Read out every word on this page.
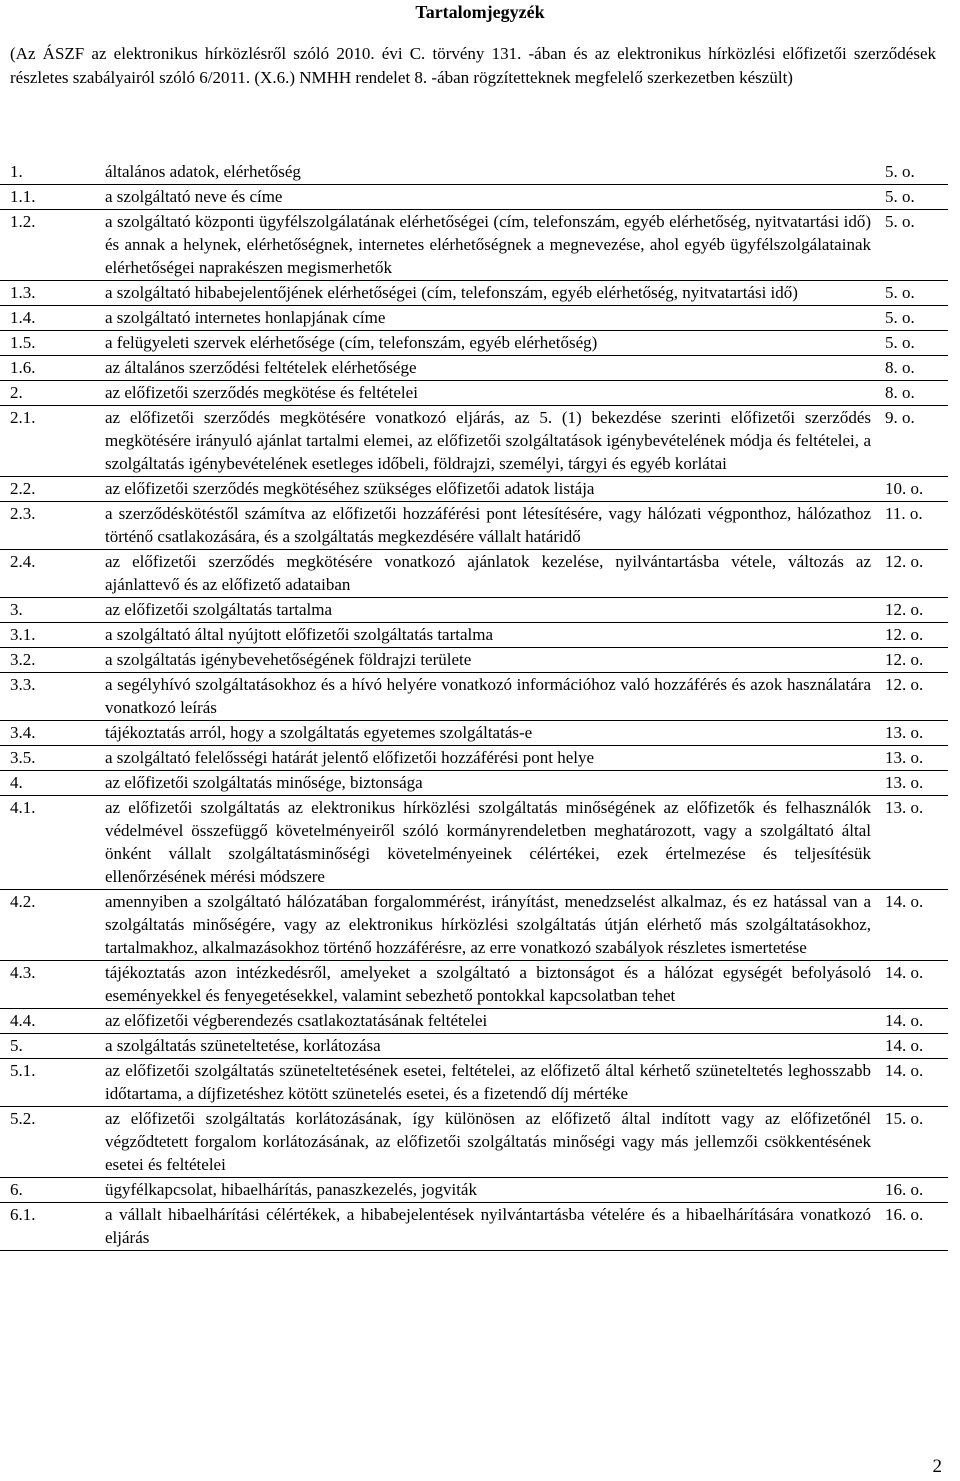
Tartalomjegyzék
(Az ÁSZF az elektronikus hírközlésről szóló 2010. évi C. törvény 131. -ában és az elektronikus hírközlési előfizetői szerződések részletes szabályairól szóló 6/2011. (X.6.) NMHH rendelet 8. -ában rögzítetteknek megfelelő szerkezetben készült)
1.	általános adatok, elérhetőség	5. o.
1.1.	a szolgáltató neve és címe	5. o.
1.2.	a szolgáltató központi ügyfélszolgálatának elérhetőségei (cím, telefonszám, egyéb elérhetőség, nyitvatartási idő) és annak a helynek, elérhetőségnek, internetes elérhetőségnek a megnevezése, ahol egyéb ügyfélszolgálatainak elérhetőségei naprakészen megismerhetők	5. o.
1.3.	a szolgáltató hibabejelentőjének elérhetőségei (cím, telefonszám, egyéb elérhetőség, nyitvatartási idő)	5. o.
1.4.	a szolgáltató internetes honlapjának címe	5. o.
1.5.	a felügyeleti szervek elérhetősége (cím, telefonszám, egyéb elérhetőség)	5. o.
1.6.	az általános szerződési feltételek elérhetősége	8. o.
2.	az előfizetői szerződés megkötése és feltételei	8. o.
2.1.	az előfizetői szerződés megkötésére vonatkozó eljárás, az 5. (1) bekezdése szerinti előfizetői szerződés megkötésére irányuló ajánlat tartalmi elemei, az előfizetői szolgáltatások igénybevételének módja és feltételei, a szolgáltatás igénybevételének esetleges időbeli, földrajzi, személyi, tárgyi és egyéb korlátai	9. o.
2.2.	az előfizetői szerződés megkötéséhez szükséges előfizetői adatok listája	10. o.
2.3.	a szerződéskötéstől számítva az előfizetői hozzáférési pont létesítésére, vagy hálózati végponthoz, hálózathoz történő csatlakozására, és a szolgáltatás megkezdésére vállalt határidő	11. o.
2.4.	az előfizetői szerződés megkötésére vonatkozó ajánlatok kezelése, nyilvántartásba vétele, változás az ajánlattevő és az előfizető adataiban	12. o.
3.	az előfizetői szolgáltatás tartalma	12. o.
3.1.	a szolgáltató által nyújtott előfizetői szolgáltatás tartalma	12. o.
3.2.	a szolgáltatás igénybevehetőségének földrajzi területe	12. o.
3.3.	a segélyhívó szolgáltatásokhoz és a hívó helyére vonatkozó információhoz való hozzáférés és azok használatára vonatkozó leírás	12. o.
3.4.	tájékoztatás arról, hogy a szolgáltatás egyetemes szolgáltatás-e	13. o.
3.5.	a szolgáltató felelősségi határát jelentő előfizetői hozzáférési pont helye	13. o.
4.	az előfizetői szolgáltatás minősége, biztonsága	13. o.
4.1.	az előfizetői szolgáltatás az elektronikus hírközlési szolgáltatás minőségének az előfizetők és felhasználók védelmével összefüggő követelményeiről szóló kormányrendeletben meghatározott, vagy a szolgáltató által önként vállalt szolgáltatásminőségi követelményeinek célértékei, ezek értelmezése és teljesítésük ellenőrzésének mérési módszere	13. o.
4.2.	amennyiben a szolgáltató hálózatában forgalommérést, irányítást, menedzselést alkalmaz, és ez hatással van a szolgáltatás minőségére, vagy az elektronikus hírközlési szolgáltatás útján elérhető más szolgáltatásokhoz, tartalmakhoz, alkalmazásokhoz történő hozzáférésre, az erre vonatkozó szabályok részletes ismertetése	14. o.
4.3.	tájékoztatás azon intézkedésről, amelyeket a szolgáltató a biztonságot és a hálózat egységét befolyásoló eseményekkel és fenyegetésekkel, valamint sebezhető pontokkal kapcsolatban tehet	14. o.
4.4.	az előfizetői végberendezés csatlakoztatásának feltételei	14. o.
5.	a szolgáltatás szüneteltetése, korlátozása	14. o.
5.1.	az előfizetői szolgáltatás szüneteltetésének esetei, feltételei, az előfizető által kérhető szüneteltetés leghosszabb időtartama, a díjfizetéshez kötött szünetelés esetei, és a fizetendő díj mértéke	14. o.
5.2.	az előfizetői szolgáltatás korlátozásának, így különösen az előfizető által indított vagy az előfizetőnél végződtetett forgalom korlátozásának, az előfizetői szolgáltatás minőségi vagy más jellemzői csökkentésének esetei és feltételei	15. o.
6.	ügyfélkapcsolat, hibaelhárítás, panaszkezelés, jogviták	16. o.
6.1.	a vállalt hibaelhárítási célértékek, a hibabejelentések nyilvántartásba vételére és a hibaelhárítására vonatkozó eljárás	16. o.
2
